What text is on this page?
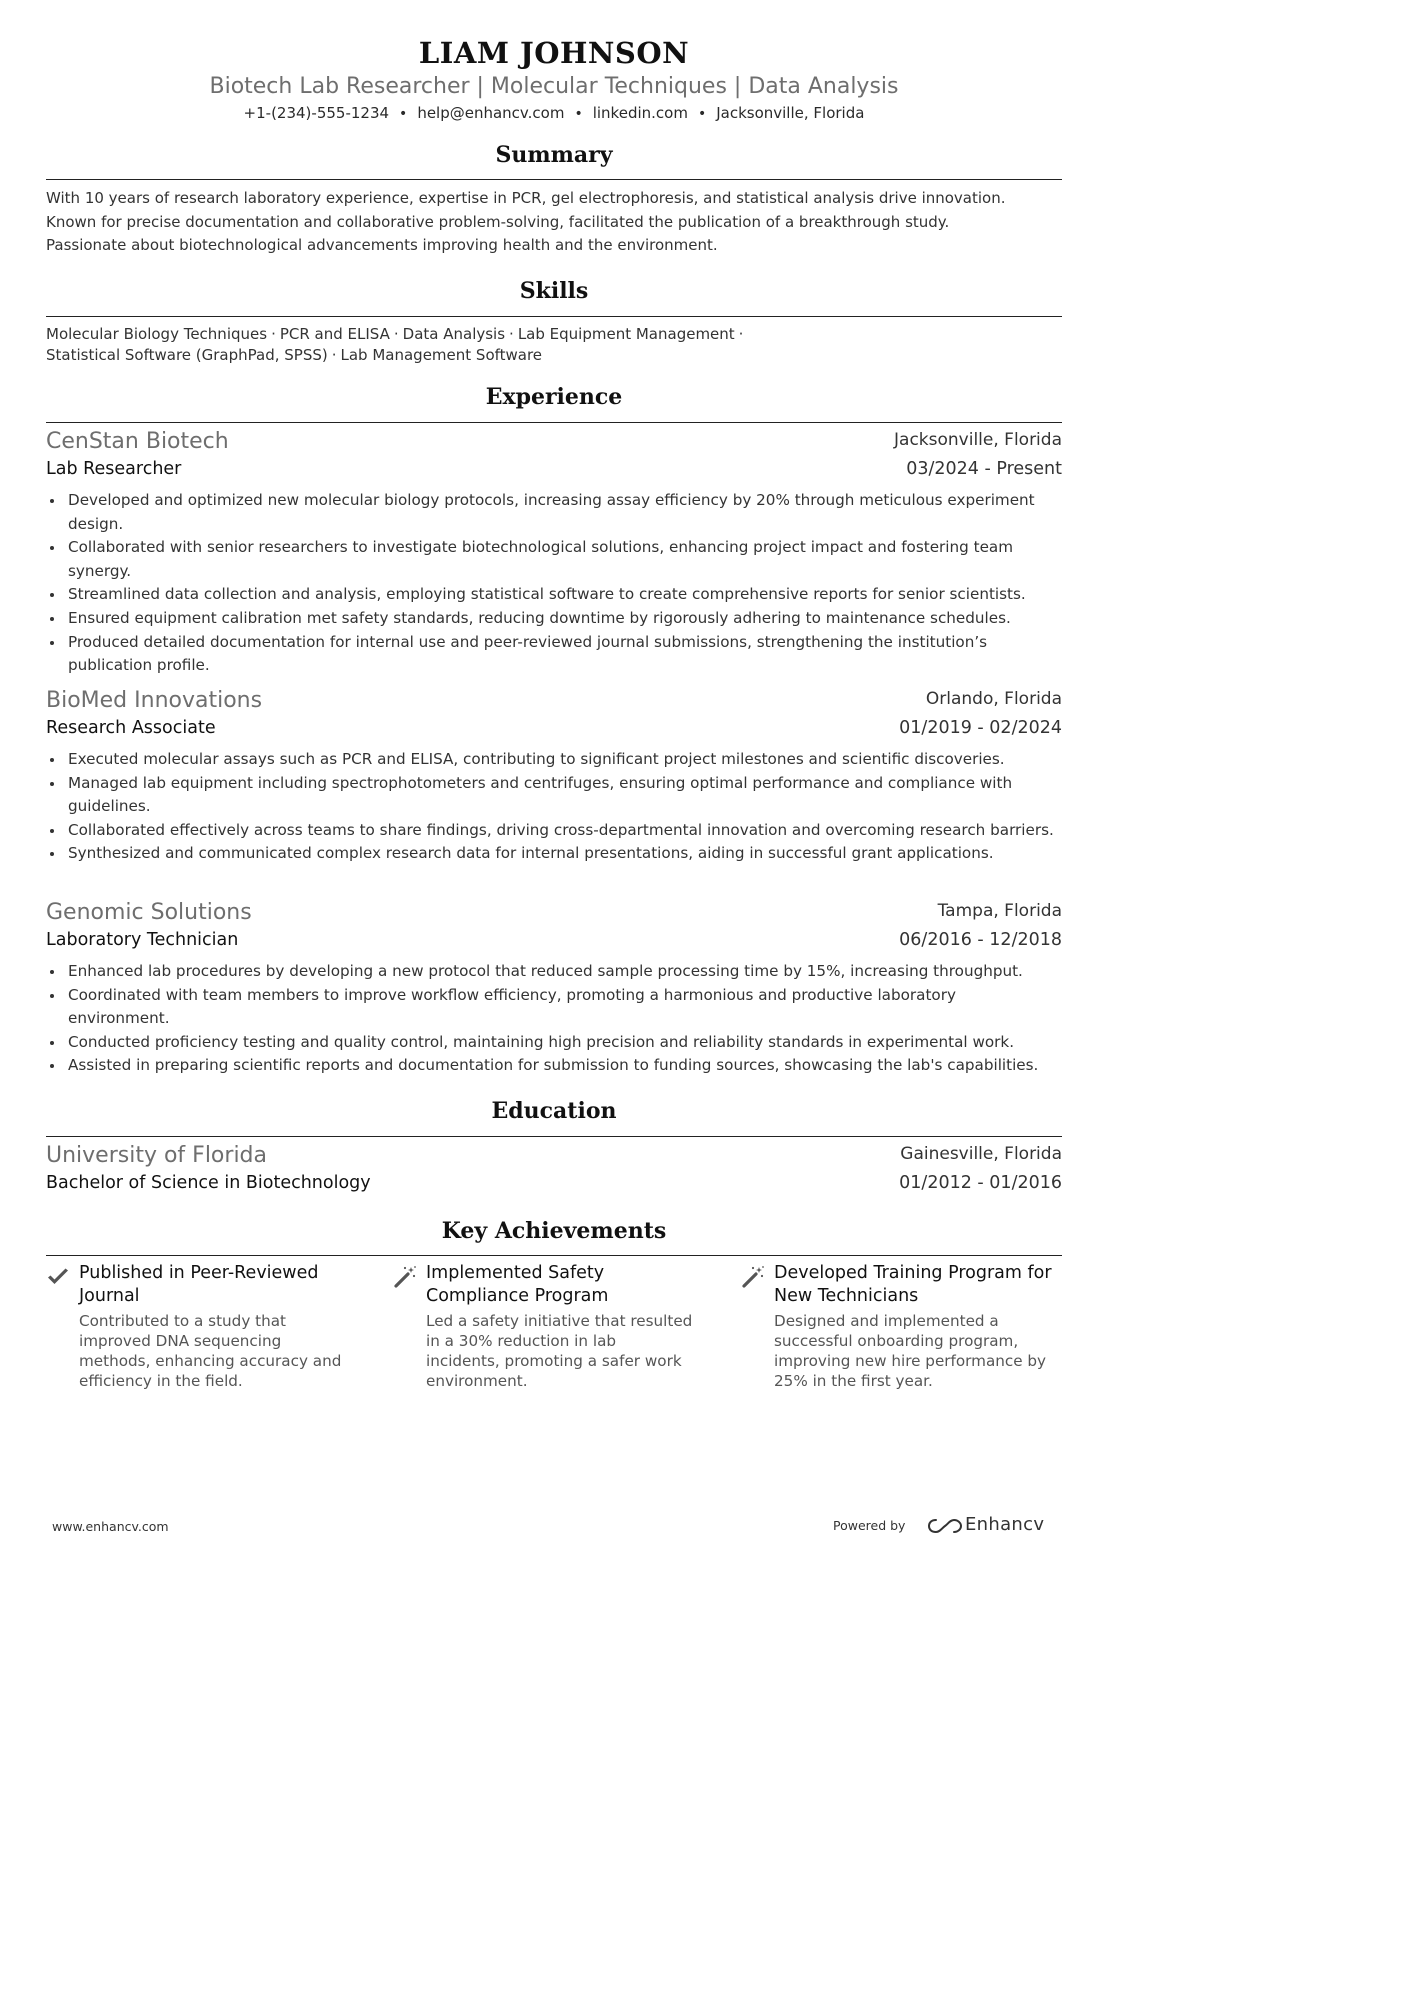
LIAM JOHNSON
Biotech Lab Researcher | Molecular Techniques | Data Analysis
+1-(234)-555-1234 • help@enhancv.com • linkedin.com • Jacksonville, Florida
Summary
With 10 years of research laboratory experience, expertise in PCR, gel electrophoresis, and statistical analysis drive innovation.
Known for precise documentation and collaborative problem-solving, facilitated the publication of a breakthrough study.
Passionate about biotechnological advancements improving health and the environment.
Skills
Molecular Biology Techniques · PCR and ELISA · Data Analysis · Lab Equipment Management ·
Statistical Software (GraphPad, SPSS) · Lab Management Software
Experience
CenStan Biotech	Jacksonville, Florida
Lab Researcher	03/2024 - Present
Developed and optimized new molecular biology protocols, increasing assay efficiency by 20% through meticulous experiment design.
Collaborated with senior researchers to investigate biotechnological solutions, enhancing project impact and fostering team synergy.
Streamlined data collection and analysis, employing statistical software to create comprehensive reports for senior scientists.
Ensured equipment calibration met safety standards, reducing downtime by rigorously adhering to maintenance schedules.
Produced detailed documentation for internal use and peer-reviewed journal submissions, strengthening the institution’s publication profile.
BioMed Innovations	Orlando, Florida
Research Associate	01/2019 - 02/2024
Executed molecular assays such as PCR and ELISA, contributing to significant project milestones and scientific discoveries.
Managed lab equipment including spectrophotometers and centrifuges, ensuring optimal performance and compliance with guidelines.
Collaborated effectively across teams to share findings, driving cross-departmental innovation and overcoming research barriers.
Synthesized and communicated complex research data for internal presentations, aiding in successful grant applications.
Genomic Solutions	Tampa, Florida
Laboratory Technician	06/2016 - 12/2018
Enhanced lab procedures by developing a new protocol that reduced sample processing time by 15%, increasing throughput.
Coordinated with team members to improve workflow efficiency, promoting a harmonious and productive laboratory environment.
Conducted proficiency testing and quality control, maintaining high precision and reliability standards in experimental work.
Assisted in preparing scientific reports and documentation for submission to funding sources, showcasing the lab's capabilities.
Education
University of Florida	Gainesville, Florida
Bachelor of Science in Biotechnology	01/2012 - 01/2016
Key Achievements
Published in Peer-Reviewed Journal
Contributed to a study that improved DNA sequencing methods, enhancing accuracy and efficiency in the field.
Implemented Safety Compliance Program
Led a safety initiative that resulted in a 30% reduction in lab incidents, promoting a safer work environment.
Developed Training Program for New Technicians
Designed and implemented a successful onboarding program, improving new hire performance by 25% in the first year.
www.enhancv.com	Powered by	Enhancv
